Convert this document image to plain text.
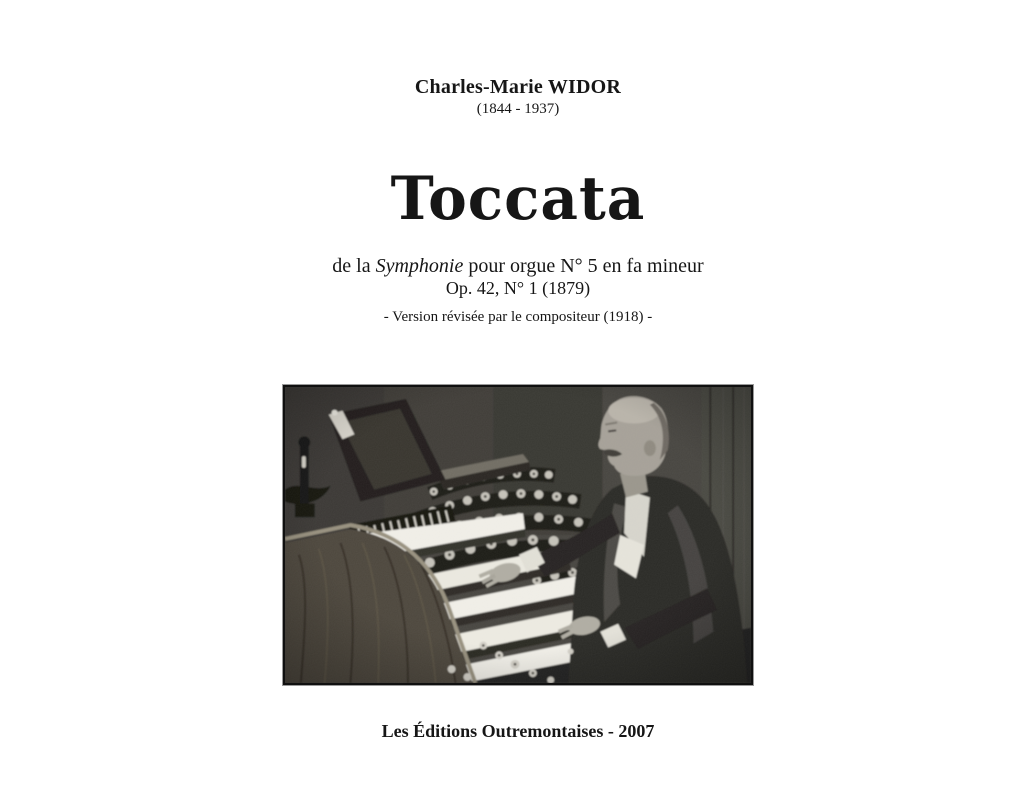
Charles-Marie WIDOR
(1844 - 1937)
Toccata
de la Symphonie pour orgue N° 5 en fa mineur
Op. 42, N° 1 (1879)
- Version révisée par le compositeur (1918) -
Les Éditions Outremontaises - 2007
